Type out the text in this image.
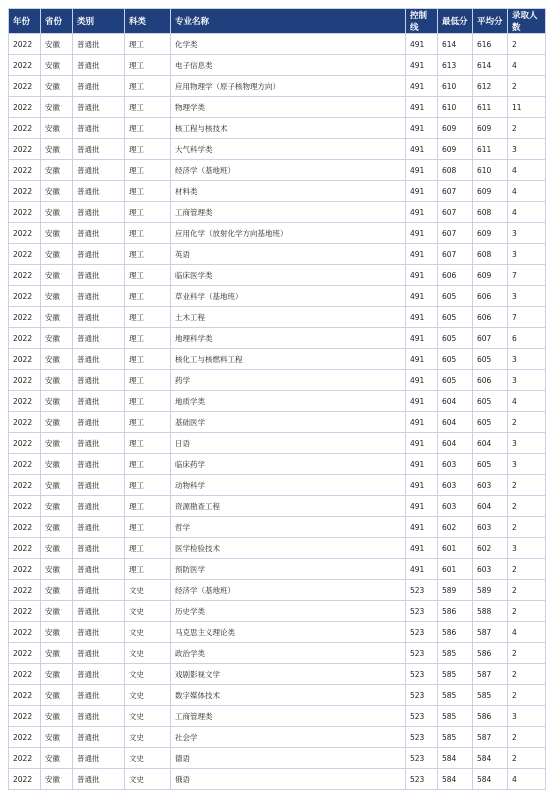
年份	省份	类别	科类	专业名称	控制线	最低分	平均分	录取人数
2022	安徽	普通批	理工	化学类	491	614	616	2
2022	安徽	普通批	理工	电子信息类	491	613	614	4
2022	安徽	普通批	理工	应用物理学（原子核物理方向）	491	610	612	2
2022	安徽	普通批	理工	物理学类	491	610	611	11
2022	安徽	普通批	理工	核工程与核技术	491	609	609	2
2022	安徽	普通批	理工	大气科学类	491	609	611	3
2022	安徽	普通批	理工	经济学（基地班）	491	608	610	4
2022	安徽	普通批	理工	材料类	491	607	609	4
2022	安徽	普通批	理工	工商管理类	491	607	608	4
2022	安徽	普通批	理工	应用化学（放射化学方向基地班）	491	607	609	3
2022	安徽	普通批	理工	英语	491	607	608	3
2022	安徽	普通批	理工	临床医学类	491	606	609	7
2022	安徽	普通批	理工	草业科学（基地班）	491	605	606	3
2022	安徽	普通批	理工	土木工程	491	605	606	7
2022	安徽	普通批	理工	地理科学类	491	605	607	6
2022	安徽	普通批	理工	核化工与核燃料工程	491	605	605	3
2022	安徽	普通批	理工	药学	491	605	606	3
2022	安徽	普通批	理工	地质学类	491	604	605	4
2022	安徽	普通批	理工	基础医学	491	604	605	2
2022	安徽	普通批	理工	日语	491	604	604	3
2022	安徽	普通批	理工	临床药学	491	603	605	3
2022	安徽	普通批	理工	动物科学	491	603	603	2
2022	安徽	普通批	理工	资源勘查工程	491	603	604	2
2022	安徽	普通批	理工	哲学	491	602	603	2
2022	安徽	普通批	理工	医学检验技术	491	601	602	3
2022	安徽	普通批	理工	预防医学	491	601	603	2
2022	安徽	普通批	文史	经济学（基地班）	523	589	589	2
2022	安徽	普通批	文史	历史学类	523	586	588	2
2022	安徽	普通批	文史	马克思主义理论类	523	586	587	4
2022	安徽	普通批	文史	政治学类	523	585	586	2
2022	安徽	普通批	文史	戏剧影视文学	523	585	587	2
2022	安徽	普通批	文史	数字媒体技术	523	585	585	2
2022	安徽	普通批	文史	工商管理类	523	585	586	3
2022	安徽	普通批	文史	社会学	523	585	587	2
2022	安徽	普通批	文史	德语	523	584	584	2
2022	安徽	普通批	文史	俄语	523	584	584	4
